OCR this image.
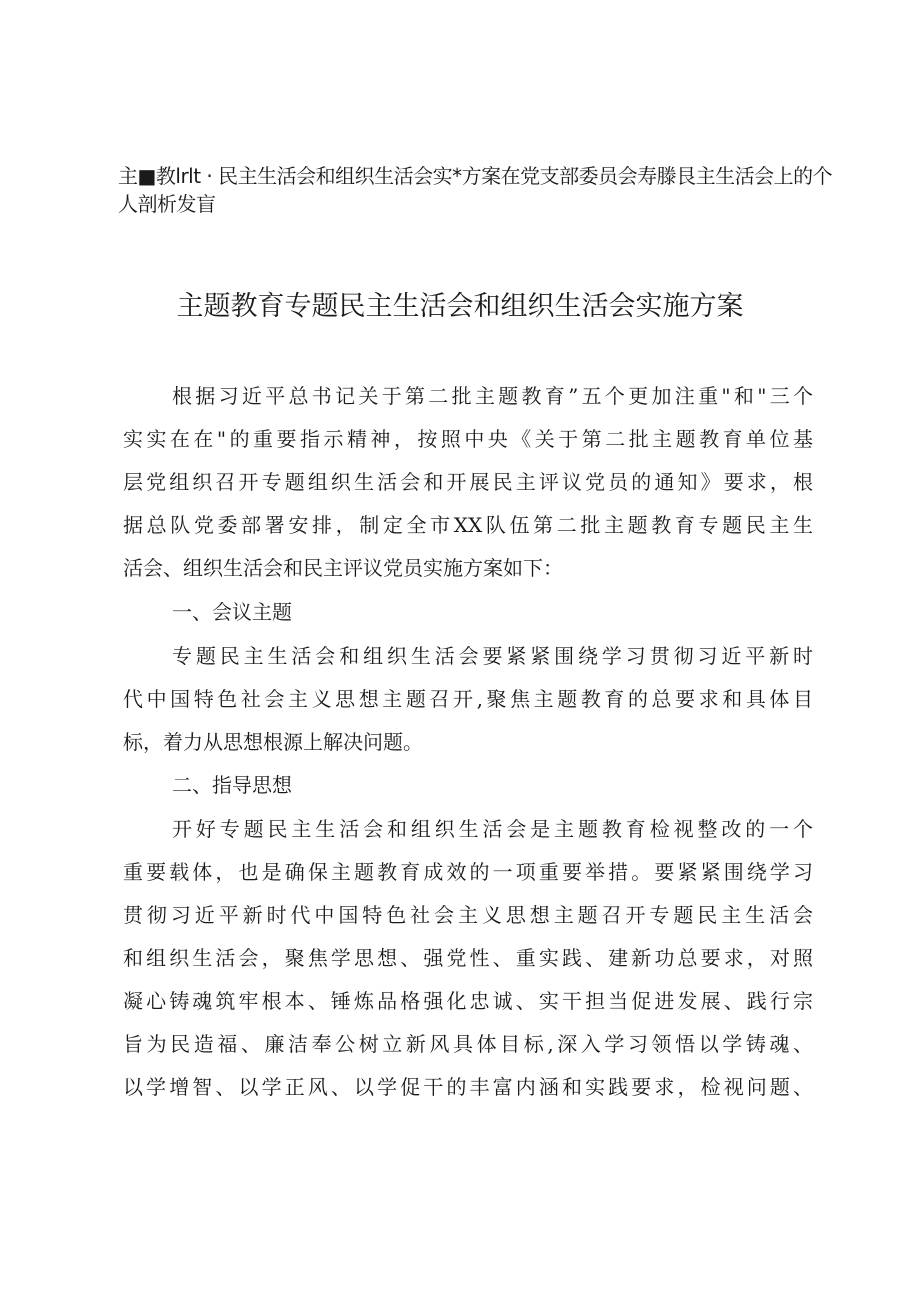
主■教lrlt · 民主生活会和组织生活会实*方案在党支部委员会寿滕艮主生活会上的个
人剖析发盲
主题教育专题民主生活会和组织生活会实施方案
根据习近平总书记关于第二批主题教育”五个更加注重"和"三个
实实在在"的重要指示精神，按照中央《关于第二批主题教育单位基
层党组织召开专题组织生活会和开展民主评议党员的通知》要求，根
据总队党委部署安排，制定全市XX队伍第二批主题教育专题民主生
活会、组织生活会和民主评议党员实施方案如下：
一、会议主题
专题民主生活会和组织生活会要紧紧围绕学习贯彻习近平新时
代中国特色社会主义思想主题召开,聚焦主题教育的总要求和具体目
标，着力从思想根源上解决问题。
二、指导思想
开好专题民主生活会和组织生活会是主题教育检视整改的一个
重要载体，也是确保主题教育成效的一项重要举措。要紧紧围绕学习
贯彻习近平新时代中国特色社会主义思想主题召开专题民主生活会
和组织生活会，聚焦学思想、强党性、重实践、建新功总要求，对照
凝心铸魂筑牢根本、锤炼品格强化忠诚、实干担当促进发展、践行宗
旨为民造福、廉洁奉公树立新风具体目标,深入学习领悟以学铸魂、
以学增智、以学正风、以学促干的丰富内涵和实践要求，检视问题、
